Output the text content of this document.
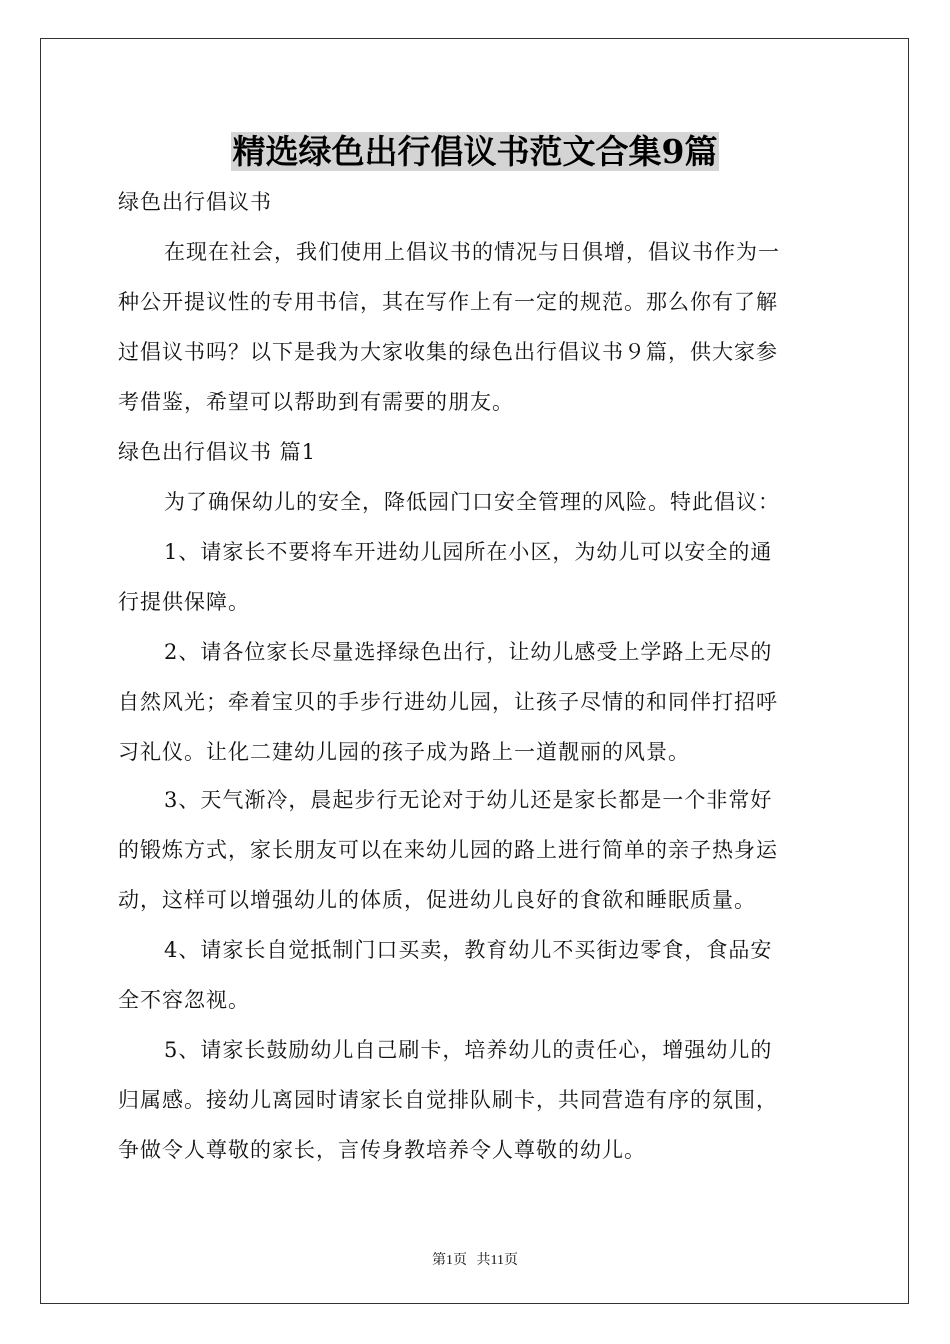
精选绿色出行倡议书范文合集9篇
绿色出行倡议书
在现在社会，我们使用上倡议书的情况与日俱增，倡议书作为一
种公开提议性的专用书信，其在写作上有一定的规范。那么你有了解
过倡议书吗？以下是我为大家收集的绿色出行倡议书９篇，供大家参
考借鉴，希望可以帮助到有需要的朋友。
绿色出行倡议书 篇1
为了确保幼儿的安全，降低园门口安全管理的风险。特此倡议：
1、请家长不要将车开进幼儿园所在小区，为幼儿可以安全的通
行提供保障。
2、请各位家长尽量选择绿色出行，让幼儿感受上学路上无尽的
自然风光；牵着宝贝的手步行进幼儿园，让孩子尽情的和同伴打招呼
习礼仪。让化二建幼儿园的孩子成为路上一道靓丽的风景。
3、天气渐冷，晨起步行无论对于幼儿还是家长都是一个非常好
的锻炼方式，家长朋友可以在来幼儿园的路上进行简单的亲子热身运
动，这样可以增强幼儿的体质，促进幼儿良好的食欲和睡眠质量。
4、请家长自觉抵制门口买卖，教育幼儿不买街边零食，食品安
全不容忽视。
5、请家长鼓励幼儿自己刷卡，培养幼儿的责任心，增强幼儿的
归属感。接幼儿离园时请家长自觉排队刷卡，共同营造有序的氛围，
争做令人尊敬的家长，言传身教培养令人尊敬的幼儿。
第1页 共11页
